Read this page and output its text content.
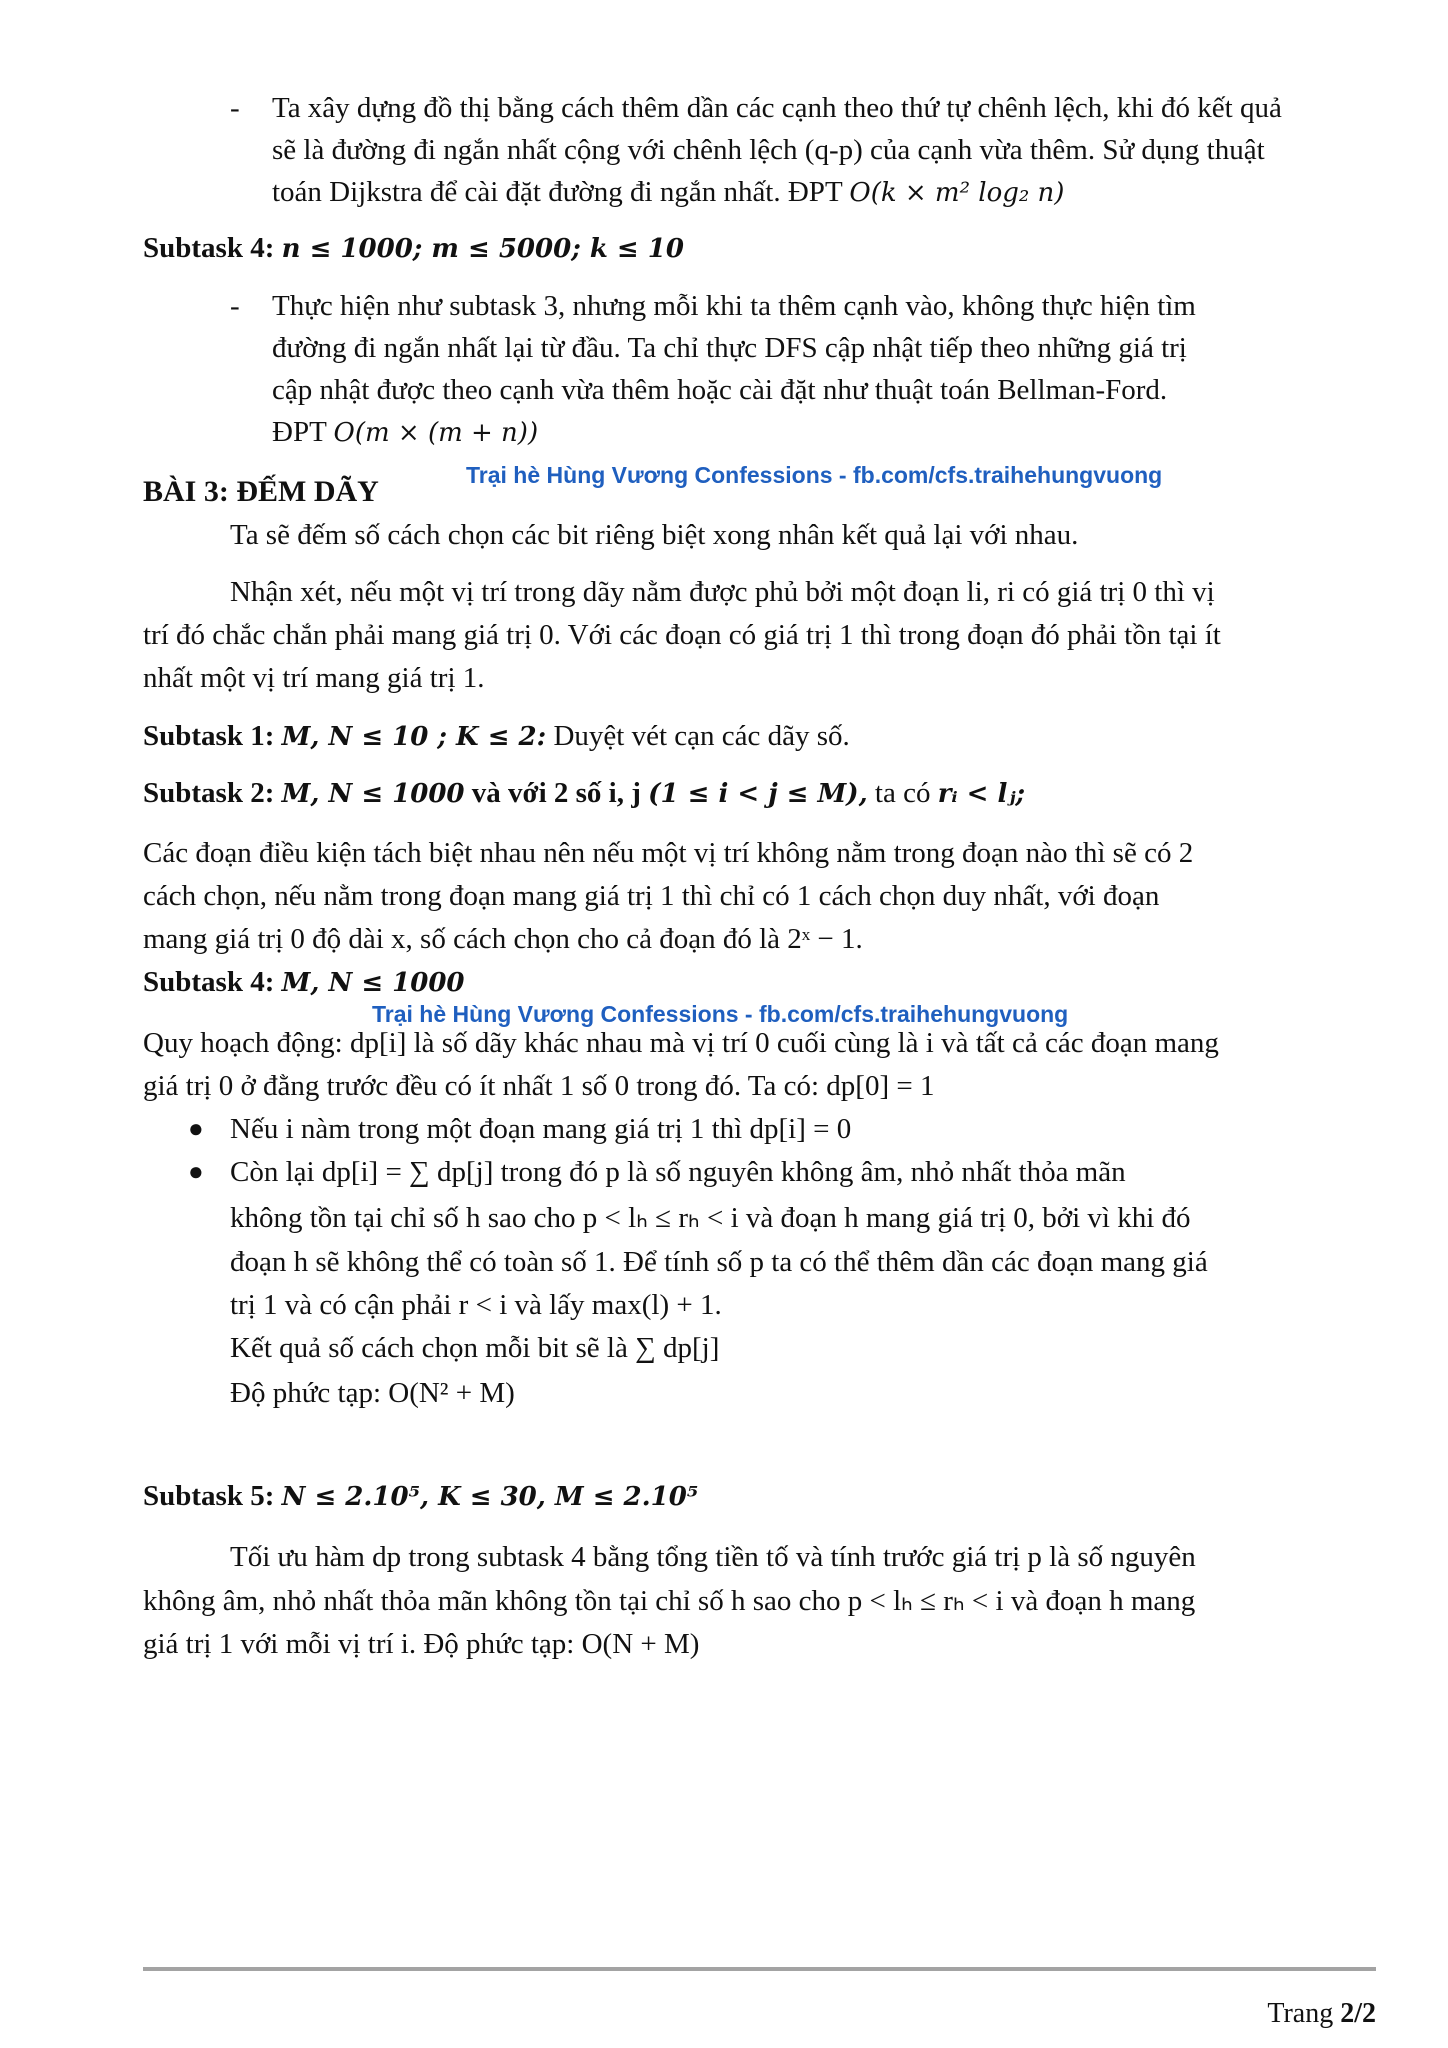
- Ta xây dựng đồ thị bằng cách thêm dần các cạnh theo thứ tự chênh lệch, khi đó kết quả
sẽ là đường đi ngắn nhất cộng với chênh lệch (q-p) của cạnh vừa thêm. Sử dụng thuật
toán Dijkstra để cài đặt đường đi ngắn nhất. ĐPT O(k × m² log₂ n)
Subtask 4: n ≤ 1000; m ≤ 5000; k ≤ 10
- Thực hiện như subtask 3, nhưng mỗi khi ta thêm cạnh vào, không thực hiện tìm
đường đi ngắn nhất lại từ đầu. Ta chỉ thực DFS cập nhật tiếp theo những giá trị
cập nhật được theo cạnh vừa thêm hoặc cài đặt như thuật toán Bellman-Ford.
ĐPT O(m × (m + n))
BÀI 3: ĐẾM DÃY	Trại hè Hùng Vương Confessions - fb.com/cfs.traihehungvuong
Ta sẽ đếm số cách chọn các bit riêng biệt xong nhân kết quả lại với nhau.
Nhận xét, nếu một vị trí trong dãy nằm được phủ bởi một đoạn li, ri có giá trị 0 thì vị
trí đó chắc chắn phải mang giá trị 0. Với các đoạn có giá trị 1 thì trong đoạn đó phải tồn tại ít
nhất một vị trí mang giá trị 1.
Subtask 1: M, N ≤ 10 ; K ≤ 2: Duyệt vét cạn các dãy số.
Subtask 2: M, N ≤ 1000 và với 2 số i, j (1 ≤ i < j ≤ M), ta có rᵢ < lⱼ;
Các đoạn điều kiện tách biệt nhau nên nếu một vị trí không nằm trong đoạn nào thì sẽ có 2
cách chọn, nếu nằm trong đoạn mang giá trị 1 thì chỉ có 1 cách chọn duy nhất, với đoạn
mang giá trị 0 độ dài x, số cách chọn cho cả đoạn đó là 2ˣ − 1.
Subtask 4: M, N ≤ 1000
Trại hè Hùng Vương Confessions - fb.com/cfs.traihehungvuong
Quy hoạch động: dp[i] là số dãy khác nhau mà vị trí 0 cuối cùng là i và tất cả các đoạn mang
giá trị 0 ở đằng trước đều có ít nhất 1 số 0 trong đó. Ta có: dp[0] = 1
● Nếu i nàm trong một đoạn mang giá trị 1 thì dp[i] = 0
● Còn lại dp[i] = ∑ dp[j] trong đó p là số nguyên không âm, nhỏ nhất thỏa mãn
không tồn tại chỉ số h sao cho p < lₕ ≤ rₕ < i và đoạn h mang giá trị 0, bởi vì khi đó
đoạn h sẽ không thể có toàn số 1. Để tính số p ta có thể thêm dần các đoạn mang giá
trị 1 và có cận phải r < i và lấy max(l) + 1.
Kết quả số cách chọn mỗi bit sẽ là ∑ dp[j]
Độ phức tạp: O(N² + M)
Subtask 5: N ≤ 2.10⁵, K ≤ 30, M ≤ 2.10⁵
Tối ưu hàm dp trong subtask 4 bằng tổng tiền tố và tính trước giá trị p là số nguyên
không âm, nhỏ nhất thỏa mãn không tồn tại chỉ số h sao cho p < lₕ ≤ rₕ < i và đoạn h mang
giá trị 1 với mỗi vị trí i. Độ phức tạp: O(N + M)
Trang 2/2
